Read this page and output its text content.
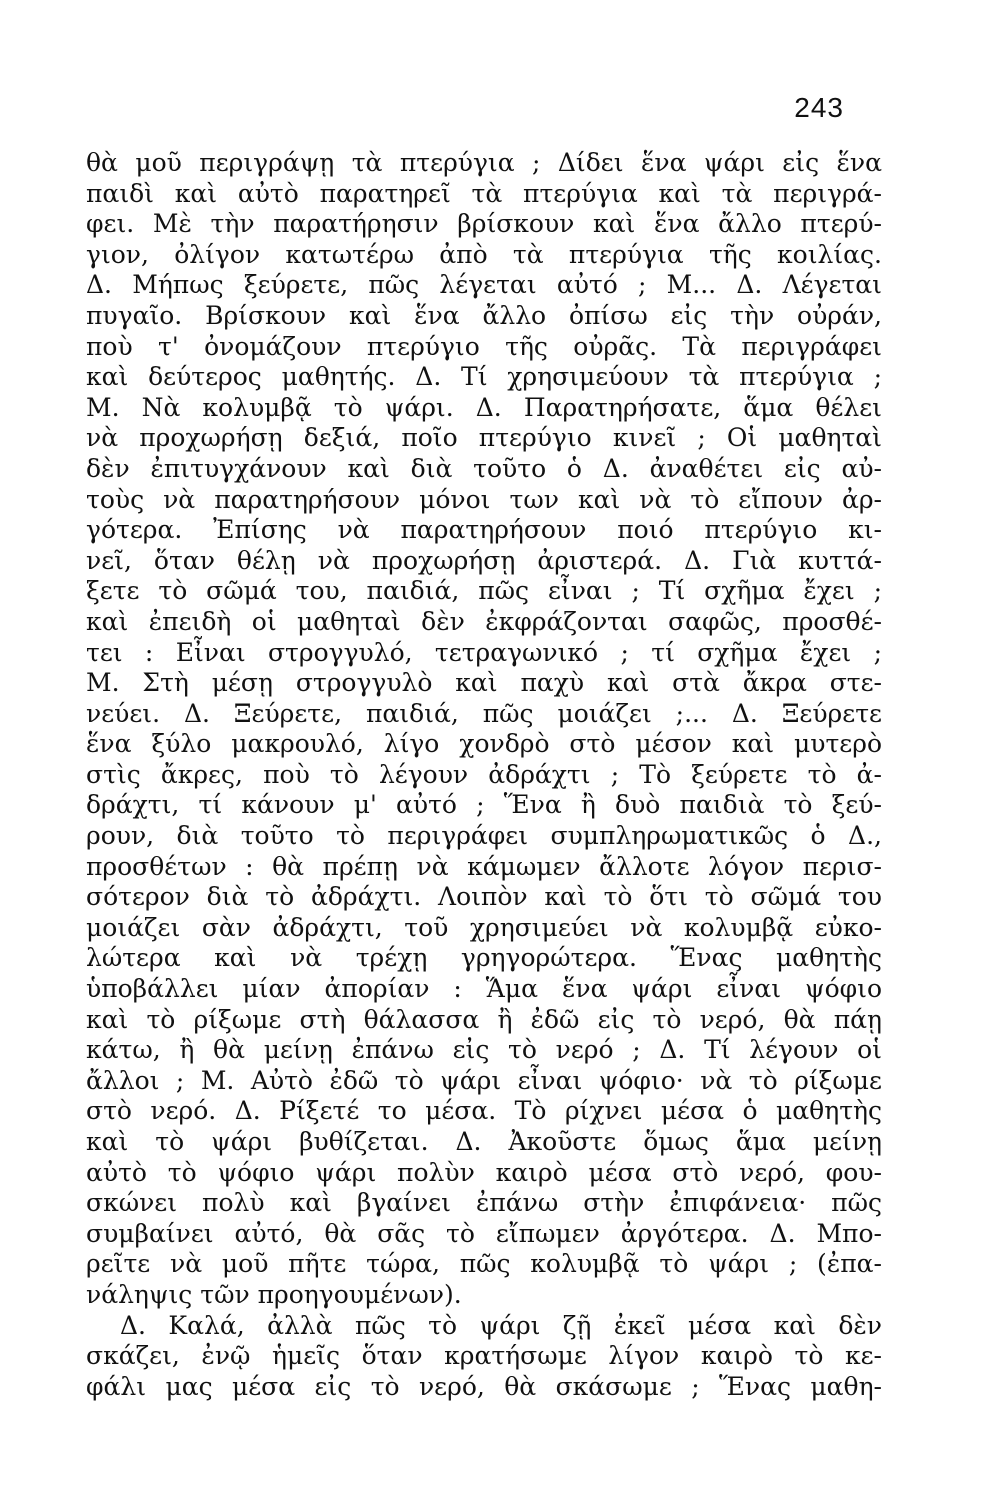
243
θὰ μοῦ περιγράψῃ τὰ πτερύγια ; Δίδει ἕνα ψάρι εἰς ἕνα
παιδὶ καὶ αὐτὸ παρατηρεῖ τὰ πτερύγια καὶ τὰ περιγρά-
φει. Μὲ τὴν παρατήρησιν βρίσκουν καὶ ἕνα ἄλλο πτερύ-
γιον, ὀλίγον κατωτέρω ἀπὸ τὰ πτερύγια τῆς κοιλίας.
Δ. Μήπως ξεύρετε, πῶς λέγεται αὐτό ; Μ... Δ. Λέγεται
πυγαῖο. Βρίσκουν καὶ ἕνα ἄλλο ὀπίσω εἰς τὴν οὐράν,
ποὺ τ' ὀνομάζουν πτερύγιο τῆς οὐρᾶς. Τὰ περιγράφει
καὶ δεύτερος μαθητής. Δ. Τί χρησιμεύουν τὰ πτερύγια ;
Μ. Νὰ κολυμβᾷ τὸ ψάρι. Δ. Παρατηρήσατε, ἅμα θέλει
νὰ προχωρήσῃ δεξιά, ποῖο πτερύγιο κινεῖ ; Οἱ μαθηταὶ
δὲν ἐπιτυγχάνουν καὶ διὰ τοῦτο ὁ Δ. ἀναθέτει εἰς αὐ-
τοὺς νὰ παρατηρήσουν μόνοι των καὶ νὰ τὸ εἴπουν ἀρ-
γότερα. Ἐπίσης νὰ παρατηρήσουν ποιό πτερύγιο κι-
νεῖ, ὅταν θέλῃ νὰ προχωρήσῃ ἀριστερά. Δ. Γιὰ κυττά-
ξετε τὸ σῶμά του, παιδιά, πῶς εἶναι ; Τί σχῆμα ἔχει ;
καὶ ἐπειδὴ οἱ μαθηταὶ δὲν ἐκφράζονται σαφῶς, προσθέ-
τει : Εἶναι στρογγυλό, τετραγωνικό ; τί σχῆμα ἔχει ;
Μ. Στὴ μέσῃ στρογγυλὸ καὶ παχὺ καὶ στὰ ἄκρα στε-
νεύει. Δ. Ξεύρετε, παιδιά, πῶς μοιάζει ;... Δ. Ξεύρετε
ἕνα ξύλο μακρουλό, λίγο χονδρὸ στὸ μέσον καὶ μυτερὸ
στὶς ἄκρες, ποὺ τὸ λέγουν ἀδράχτι ; Τὸ ξεύρετε τὸ ἀ-
δράχτι, τί κάνουν μ' αὐτό ; Ἕνα ἢ δυὸ παιδιὰ τὸ ξεύ-
ρουν, διὰ τοῦτο τὸ περιγράφει συμπληρωματικῶς ὁ Δ.,
προσθέτων : θὰ πρέπῃ νὰ κάμωμεν ἄλλοτε λόγον περισ-
σότερον διὰ τὸ ἀδράχτι. Λοιπὸν καὶ τὸ ὅτι τὸ σῶμά του
μοιάζει σὰν ἀδράχτι, τοῦ χρησιμεύει νὰ κολυμβᾷ εὐκο-
λώτερα καὶ νὰ τρέχῃ γρηγορώτερα. Ἕνας μαθητὴς
ὑποβάλλει μίαν ἀπορίαν : Ἅμα ἕνα ψάρι εἶναι ψόφιο
καὶ τὸ ρίξωμε στὴ θάλασσα ἢ ἐδῶ εἰς τὸ νερό, θὰ πάῃ
κάτω, ἢ θὰ μείνῃ ἐπάνω εἰς τὸ νερό ; Δ. Τί λέγουν οἱ
ἄλλοι ; Μ. Αὐτὸ ἐδῶ τὸ ψάρι εἶναι ψόφιο· νὰ τὸ ρίξωμε
στὸ νερό. Δ. Ρίξετέ το μέσα. Τὸ ρίχνει μέσα ὁ μαθητὴς
καὶ τὸ ψάρι βυθίζεται. Δ. Ἀκοῦστε ὅμως ἅμα μείνῃ
αὐτὸ τὸ ψόφιο ψάρι πολὺν καιρὸ μέσα στὸ νερό, φου-
σκώνει πολὺ καὶ βγαίνει ἐπάνω στὴν ἐπιφάνεια· πῶς
συμβαίνει αὐτό, θὰ σᾶς τὸ εἴπωμεν ἀργότερα. Δ. Μπο-
ρεῖτε νὰ μοῦ πῆτε τώρα, πῶς κολυμβᾷ τὸ ψάρι ; (ἐπα-
νάληψις τῶν προηγουμένων).
Δ. Καλά, ἀλλὰ πῶς τὸ ψάρι ζῇ ἐκεῖ μέσα καὶ δὲν
σκάζει, ἐνῷ ἡμεῖς ὅταν κρατήσωμε λίγον καιρὸ τὸ κε-
φάλι μας μέσα εἰς τὸ νερό, θὰ σκάσωμε ; Ἕνας μαθη-
